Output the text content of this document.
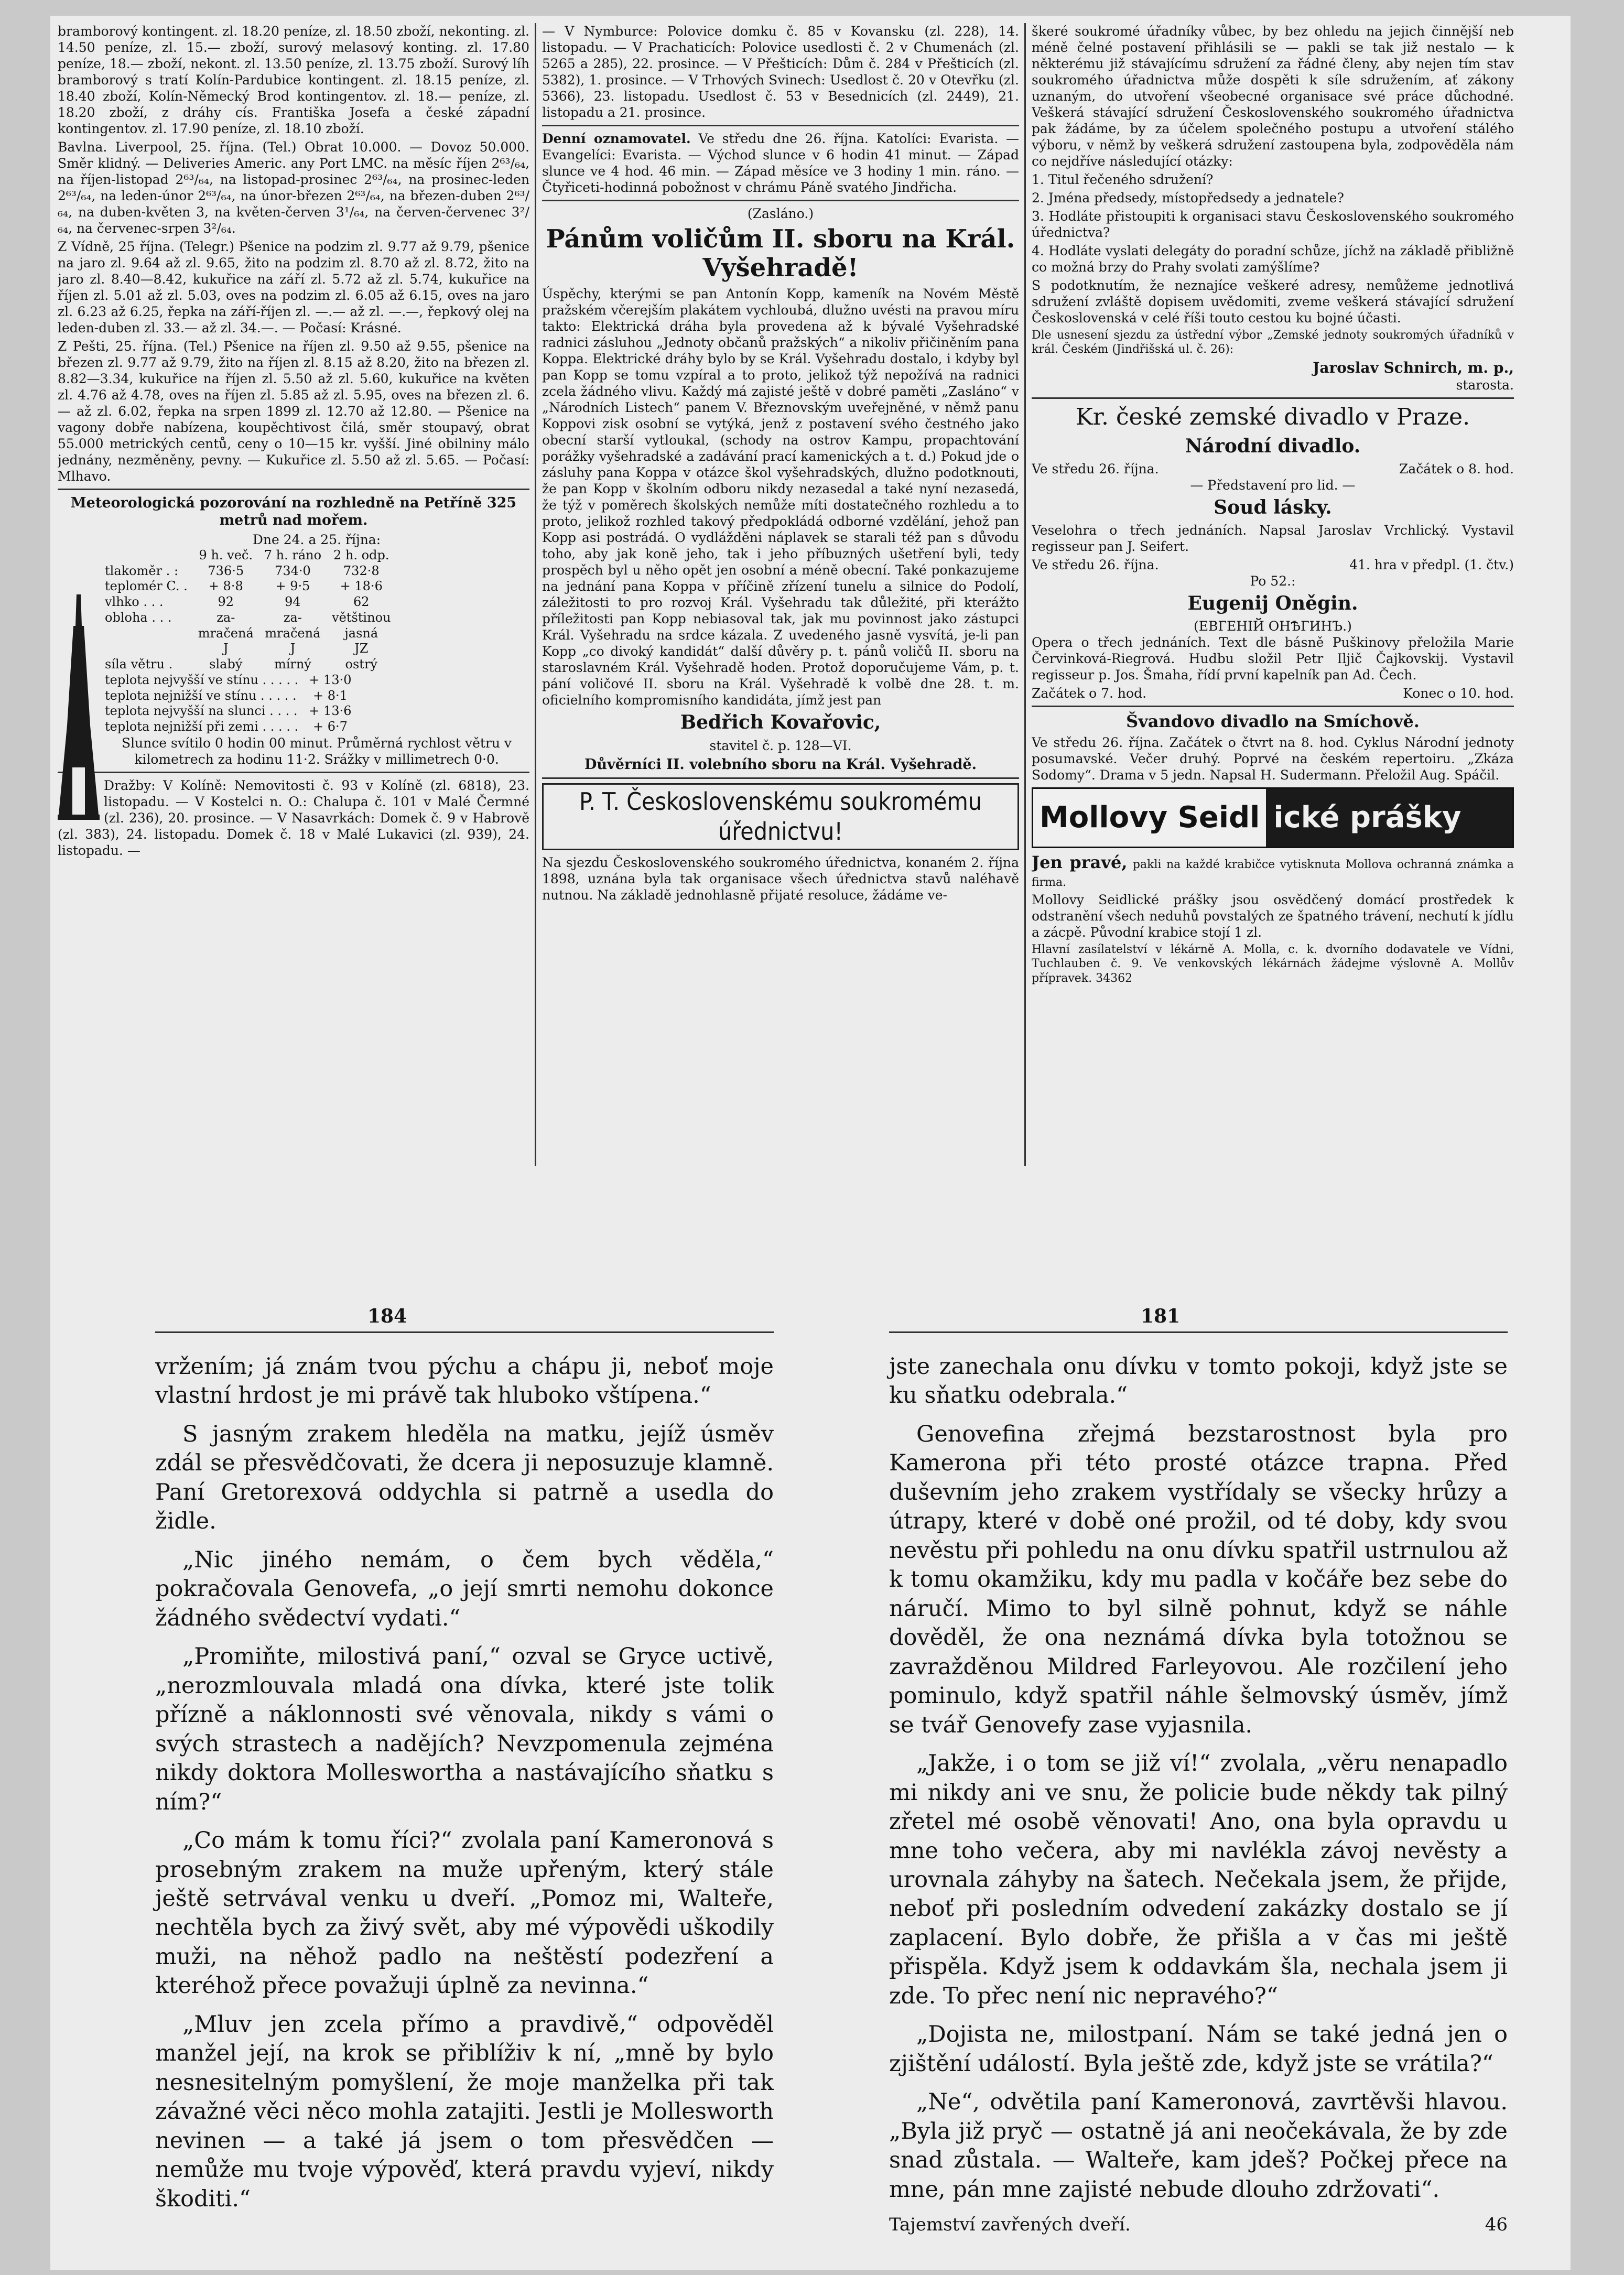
bramborový kontingent. zl. 18.20 peníze, zl. 18.50 zboží, nekonting. zl. 14.50 peníze, zl. 15.— zboží, surový melasový konting. zl. 17.80 peníze, 18.— zboží, nekont. zl. 13.50 peníze, zl. 13.75 zboží. Surový líh bramborový s tratí Kolín-Pardubice kontingent. zl. 18.15 peníze, zl. 18.40 zboží, Kolín-Německý Brod kontingentov. zl. 18.— peníze, zl. 18.20 zboží, z dráhy cís. Františka Josefa a české západní kontingentov. zl. 17.90 peníze, zl. 18.10 zboží.

Bavlna. Liverpool, 25. října. (Tel.) Obrat 10.000. — Dovoz 50.000. Směr klidný. — Deliveries Americ. any Port LMC. na měsíc říjen 2⁶³/₆₄, na říjen-listopad 2⁶³/₆₄, na listopad-prosinec 2⁶³/₆₄, na prosinec-leden 2⁶³/₆₄, na leden-únor 2⁶³/₆₄, na únor-březen 2⁶³/₆₄, na březen-duben 2⁶³/₆₄, na duben-květen 3, na květen-červen 3¹/₆₄, na červen-červenec 3²/₆₄, na červenec-srpen 3²/₆₄.

Z Vídně, 25 října. (Telegr.) Pšenice na podzim zl. 9.77 až 9.79, pšenice na jaro zl. 9.64 až zl. 9.65, žito na podzim zl. 8.70 až zl. 8.72, žito na jaro zl. 8.40—8.42, kukuřice na září zl. 5.72 až zl. 5.74, kukuřice na říjen zl. 5.01 až zl. 5.03, oves na podzim zl. 6.05 až 6.15, oves na jaro zl. 6.23 až 6.25, řepka na září-říjen zl. —.— až zl. —.—, řepkový olej na leden-duben zl. 33.— až zl. 34.—. — Počasí: Krásné.

Z Pešti, 25. října. (Tel.) Pšenice na říjen zl. 9.50 až 9.55, pšenice na březen zl. 9.77 až 9.79, žito na říjen zl. 8.15 až 8.20, žito na březen zl. 8.82—3.34, kukuřice na říjen zl. 5.50 až zl. 5.60, kukuřice na květen zl. 4.76 až 4.78, oves na říjen zl. 5.85 až zl. 5.95, oves na březen zl. 6.— až zl. 6.02, řepka na srpen 1899 zl. 12.70 až 12.80. — Pšenice na vagony dobře nabízena, koupěchtivost čilá, směr stoupavý, obrat 55.000 metrických centů, ceny o 10—15 kr. vyšší. Jiné obilniny málo jednány, nezměněny, pevny. — Kukuřice zl. 5.50 až zl. 5.65. — Počasí: Mlhavo.

Meteorologická pozorování na rozhledně na Petříně 325 metrů nad mořem.
Dne 24. a 25. října:
	9 h. več.	7 h. ráno	2 h. odp.
tlakoměr . :	736·5	734·0	732·8
teplomér C. .	+ 8·8	+ 9·5	+ 18·6
vlhko . . .	92	94	62
obloha . . .	za-	za-	větštinou
	mračená	mračená	jasná
	J	J	JZ
síla větru .	slabý	mírný	ostrý
teplota nejvyšší ve stínu . . . . .	+ 13·0
teplota nejnižší ve stínu . . . . .	+ 8·1
teplota nejvyšší na slunci . . . .	+ 13·6
teplota nejnižší při zemi . . . . .	+ 6·7

Slunce svítilo 0 hodin 00 minut. Průměrná rychlost větru v kilometrech za hodinu 11·2. Srážky v millimetrech 0·0.

Dražby: V Kolíně: Nemovitosti č. 93 v Kolíně (zl. 6818), 23. listopadu. — V Kostelci n. O.: Chalupa č. 101 v Malé Čermné (zl. 236), 20. prosince. — V Nasavrkách: Domek č. 9 v Habrově (zl. 383), 24. listopadu. Domek č. 18 v Malé Lukavici (zl. 939), 24. listopadu. —

— V Nymburce: Polovice domku č. 85 v Kovansku (zl. 228), 14. listopadu. — V Prachaticích: Polovice usedlosti č. 2 v Chumenách (zl. 5265 a 285), 22. prosince. — V Přešticích: Dům č. 284 v Přešticích (zl. 5382), 1. prosince. — V Trhových Svinech: Usedlost č. 20 v Otevřku (zl. 5366), 23. listopadu. Usedlost č. 53 v Besednicích (zl. 2449), 21. listopadu a 21. prosince.

Denní oznamovatel. Ve středu dne 26. října. Katolíci: Evarista. — Evangelíci: Evarista. — Východ slunce v 6 hodin 41 minut. — Západ slunce ve 4 hod. 46 min. — Západ měsíce ve 3 hodiny 1 min. ráno. — Čtyřiceti-hodinná pobožnost v chrámu Páně svatého Jindřicha.

(Zasláno.)
Pánům voličům II. sboru na Král. Vyšehradě!

Úspěchy, kterými se pan Antonín Kopp, kameník na Novém Městě pražském včerejším plakátem vychloubá, dlužno uvésti na pravou míru takto: Elektrická dráha byla provedena až k bývalé Vyšehradské radnici zásluhou „Jednoty občanů pražských“ a nikoliv přičiněním pana Koppa. Elektrické dráhy bylo by se Král. Vyšehradu dostalo, i kdyby byl pan Kopp se tomu vzpíral a to proto, jelikož týž nepožívá na radnici zcela žádného vlivu. Každý má zajisté ještě v dobré paměti „Zasláno“ v „Národních Listech“ panem V. Březnovským uveřejněné, v němž panu Koppovi zisk osobní se vytýká, jenž z postavení svého čestného jako obecní starší vytloukal, (schody na ostrov Kampu, propachtování porážky vyšehradské a zadávání prací kamenických a t. d.) Pokud jde o zásluhy pana Koppa v otázce škol vyšehradských, dlužno podotknouti, že pan Kopp v školním odboru nikdy nezasedal a také nyní nezasedá, že týž v poměrech školských nemůže míti dostatečného rozhledu a to proto, jelikož rozhled takový předpokládá odborné vzdělání, jehož pan Kopp asi postrádá. O vydlážděni náplavek se starali též pan s důvodu toho, aby jak koně jeho, tak i jeho příbuzných ušetření byli, tedy prospěch byl u něho opět jen osobní a méně obecní. Také ponkazujeme na jednání pana Koppa v příčině zřízení tunelu a silnice do Podolí, záležitosti to pro rozvoj Král. Vyšehradu tak důležité, při kterážto příležitosti pan Kopp nebiasoval tak, jak mu povinnost jako zástupci Král. Vyšehradu na srdce kázala. Z uvedeného jasně vysvítá, je-li pan Kopp „co divoký kandidát“ další důvěry p. t. pánů voličů II. sboru na staroslavném Král. Vyšehradě hoden. Protož doporučujeme Vám, p. t. pání voličové II. sboru na Král. Vyšehradě k volbě dne 28. t. m. oficielního kompromisního kandidáta, jímž jest pan

Bedřich Kovařovic,
stavitel č. p. 128—VI.
Důvěrníci II. volebního sboru na Král. Vyšehradě.
P. T. Československému soukromému úřednictvu!

Na sjezdu Československého soukromého úřednictva, konaném 2. října 1898, uznána byla tak organisace všech úřednictva stavů naléhavě nutnou. Na základě jednohlasně přijaté resoluce, žádáme ve-

škeré soukromé úřadníky vůbec, by bez ohledu na jejich činnější neb méně čelné postavení přihlásili se — pakli se tak již nestalo — k některému již stávajícímu sdružení za řádné členy, aby nejen tím stav soukromého úřadnictva může dospěti k síle sdružením, ať zákony uznaným, do utvoření všeobecné organisace své práce důchodné. Veškerá stávající sdružení Československého soukromého úřadnictva pak žádáme, by za účelem společného postupu a utvoření stálého výboru, v němž by veškerá sdružení zastoupena byla, zodpověděla nám co nejdříve následující otázky:

1. Titul řečeného sdružení?

2. Jména předsedy, místopředsedy a jednatele?

3. Hodláte přistoupiti k organisaci stavu Československého soukromého úřednictva?

4. Hodláte vyslati delegáty do poradní schůze, jíchž na základě přibližně co možná brzy do Prahy svolati zamýšlíme?

S podotknutím, že neznajíce veškeré adresy, nemůžeme jednotlivá sdružení zvláště dopisem uvědomiti, zveme veškerá stávající sdružení Československá v celé říši touto cestou ku bojné účasti.

Dle usnesení sjezdu za ústřední výbor „Zemské jednoty soukromých úřadníků v král. Českém (Jindřišská ul. č. 26):

Jaroslav Schnirch, m. p.,
starosta.
Kr. české zemské divadlo v Praze.
Národní divadlo.
Ve středu 26. října.	Začátek o 8. hod.
— Představení pro lid. —
Soud lásky.

Veselohra o třech jednáních. Napsal Jaroslav Vrchlický. Vystavil regisseur pan J. Seifert.

Ve středu 26. října.	41. hra v předpl. (1. čtv.)
Po 52.:
Eugenij Oněgin.
(ЕВГЕНІЙ ОНѢГИНЪ.)

Opera o třech jednáních. Text dle básně Puškinovy přeložila Marie Červinková-Riegrová. Hudbu složil Petr Iljič Čajkovskij. Vystavil regisseur p. Jos. Šmaha, řídí první kapelník pan Ad. Čech.

Začátek o 7. hod.	Konec o 10. hod.
Švandovo divadlo na Smíchově.

Ve středu 26. října. Začátek o čtvrt na 8. hod. Cyklus Národní jednoty posumavské. Večer druhý. Poprvé na českém repertoiru. „Zkáza Sodomy“. Drama v 5 jedn. Napsal H. Sudermann. Přeložil Aug. Spáčil.

Mollovy Seidl ické prášky

Jen pravé, pakli na každé krabičce vytisknuta Mollova ochranná známka a firma.

Mollovy Seidlické prášky jsou osvědčený domácí prostředek k odstranění všech neduhů povstalých ze špatného trávení, nechutí k jídlu a zácpě. Původní krabice stojí 1 zl.

Hlavní zasílatelství v lékárně A. Molla, c. k. dvorního dodavatele ve Vídni, Tuchlauben č. 9. Ve venkovských lékárnách žádejme výslovně A. Mollův přípravek. 34362

184	181

vržením; já znám tvou pýchu a chápu ji, neboť moje vlastní hrdost je mi právě tak hluboko vštípena.“

S jasným zrakem hleděla na matku, jejíž úsměv zdál se přesvědčovati, že dcera ji neposuzuje klamně. Paní Gretorexová oddychla si patrně a usedla do židle.

„Nic jiného nemám, o čem bych věděla,“ pokračovala Genovefa, „o její smrti nemohu dokonce žádného svědectví vydati.“

„Promiňte, milostivá paní,“ ozval se Gryce uctivě, „nerozmlouvala mladá ona dívka, které jste tolik přízně a náklonnosti své věnovala, nikdy s vámi o svých strastech a nadějích? Nevzpomenula zejména nikdy doktora Molleswortha a nastávajícího sňatku s ním?“

„Co mám k tomu říci?“ zvolala paní Kameronová s prosebným zrakem na muže upřeným, který stále ještě setrvával venku u dveří. „Pomoz mi, Walteře, nechtěla bych za živý svět, aby mé výpovědi uškodily muži, na něhož padlo na neštěstí podezření a kteréhož přece považuji úplně za nevinna.“

„Mluv jen zcela přímo a pravdivě,“ odpověděl manžel její, na krok se přiblíživ k ní, „mně by bylo nesnesitelným pomyšlení, že moje manželka při tak závažné věci něco mohla zatajiti. Jestli je Mollesworth nevinen — a také já jsem o tom přesvědčen — nemůže mu tvoje výpověď, která pravdu vyjeví, nikdy škoditi.“

jste zanechala onu dívku v tomto pokoji, když jste se ku sňatku odebrala.“

Genovefina zřejmá bezstarostnost byla pro Kamerona při této prosté otázce trapna. Před duševním jeho zrakem vystřídaly se všecky hrůzy a útrapy, které v době oné prožil, od té doby, kdy svou nevěstu při pohledu na onu dívku spatřil ustrnulou až k tomu okamžiku, kdy mu padla v kočáře bez sebe do náručí. Mimo to byl silně pohnut, když se náhle dověděl, že ona neznámá dívka byla totožnou se zavražděnou Mildred Farleyovou. Ale rozčilení jeho pominulo, když spatřil náhle šelmovský úsměv, jímž se tvář Genovefy zase vyjasnila.

„Jakže, i o tom se již ví!“ zvolala, „věru nenapadlo mi nikdy ani ve snu, že policie bude někdy tak pilný zřetel mé osobě věnovati! Ano, ona byla opravdu u mne toho večera, aby mi navlékla závoj nevěsty a urovnala záhyby na šatech. Nečekala jsem, že přijde, neboť při posledním odvedení zakázky dostalo se jí zaplacení. Bylo dobře, že přišla a v čas mi ještě přispěla. Když jsem k oddavkám šla, nechala jsem ji zde. To přec není nic nepravého?“

„Dojista ne, milostpaní. Nám se také jedná jen o zjištění událostí. Byla ještě zde, když jste se vrátila?“

„Ne“, odvětila paní Kameronová, zavrtěvši hlavou. „Byla již pryč — ostatně já ani neočekávala, že by zde snad zůstala. — Walteře, kam jdeš? Počkej přece na mne, pán mne zajisté nebude dlouho zdržovati“.

Tajemství zavřených dveří.	46
